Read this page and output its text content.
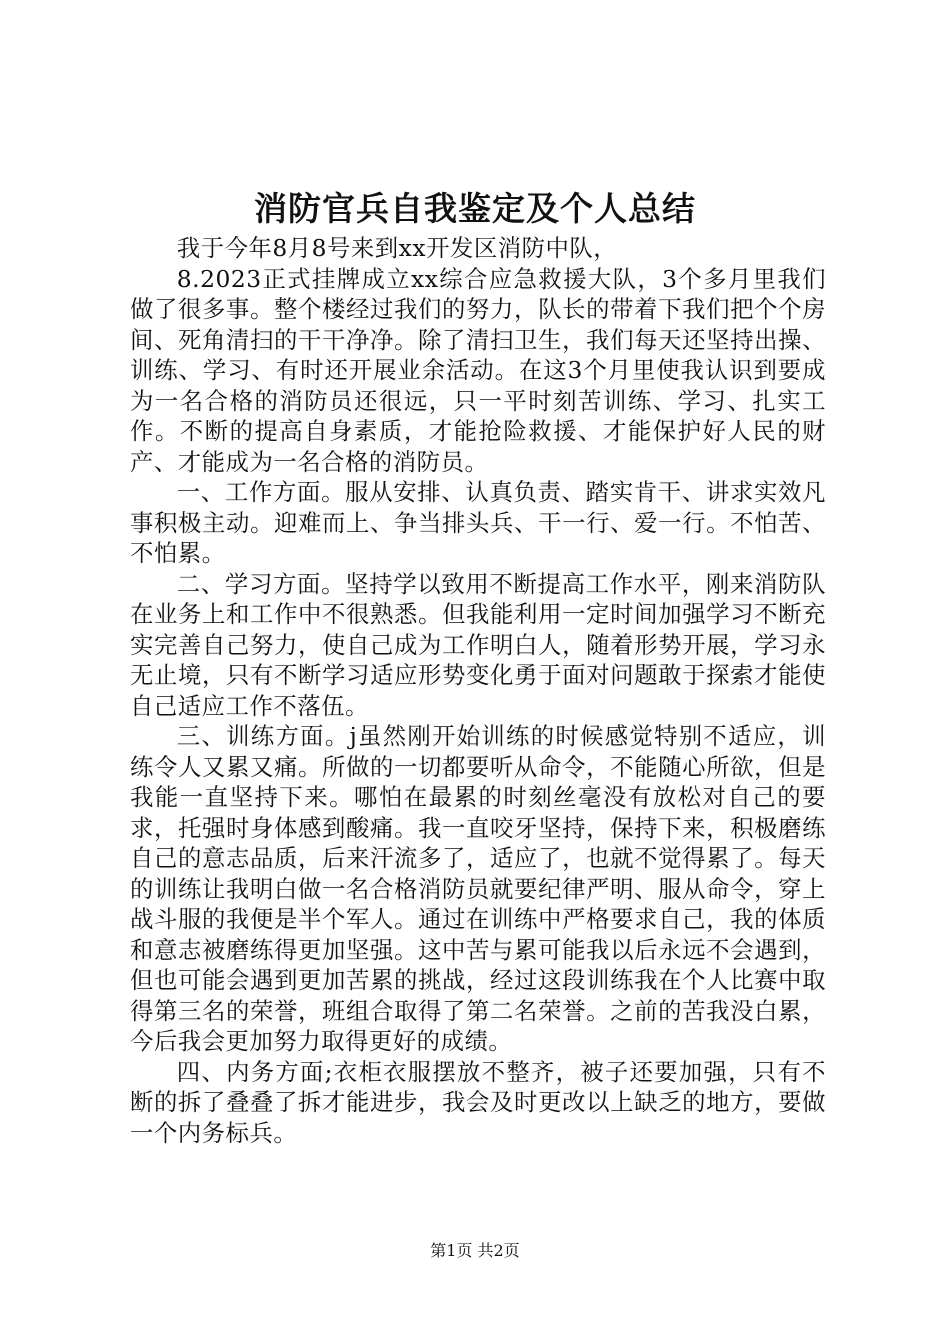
消防官兵自我鉴定及个人总结

我于今年8月8号来到xx开发区消防中队，

8.2023正式挂牌成立xx综合应急救援大队，3个多月里我们做了很多事。整个楼经过我们的努力，队长的带着下我们把个个房间、死角清扫的干干净净。除了清扫卫生，我们每天还坚持出操、训练、学习、有时还开展业余活动。在这3个月里使我认识到要成为一名合格的消防员还很远，只一平时刻苦训练、学习、扎实工作。不断的提高自身素质，才能抢险救援、才能保护好人民的财产、才能成为一名合格的消防员。

一、工作方面。服从安排、认真负责、踏实肯干、讲求实效凡事积极主动。迎难而上、争当排头兵、干一行、爱一行。不怕苦、不怕累。

二、学习方面。坚持学以致用不断提高工作水平，刚来消防队在业务上和工作中不很熟悉。但我能利用一定时间加强学习不断充实完善自己努力，使自己成为工作明白人，随着形势开展，学习永无止境，只有不断学习适应形势变化勇于面对问题敢于探索才能使自己适应工作不落伍。

三、训练方面。j虽然刚开始训练的时候感觉特别不适应，训练令人又累又痛。所做的一切都要听从命令，不能随心所欲，但是我能一直坚持下来。哪怕在最累的时刻丝毫没有放松对自己的要求，托强时身体感到酸痛。我一直咬牙坚持，保持下来，积极磨练自己的意志品质，后来汗流多了，适应了，也就不觉得累了。每天的训练让我明白做一名合格消防员就要纪律严明、服从命令，穿上战斗服的我便是半个军人。通过在训练中严格要求自己，我的体质和意志被磨练得更加坚强。这中苦与累可能我以后永远不会遇到，但也可能会遇到更加苦累的挑战，经过这段训练我在个人比赛中取得第三名的荣誉，班组合取得了第二名荣誉。之前的苦我没白累，今后我会更加努力取得更好的成绩。

四、内务方面;衣柜衣服摆放不整齐，被子还要加强，只有不断的拆了叠叠了拆才能进步，我会及时更改以上缺乏的地方，要做一个内务标兵。

第1页 共2页
